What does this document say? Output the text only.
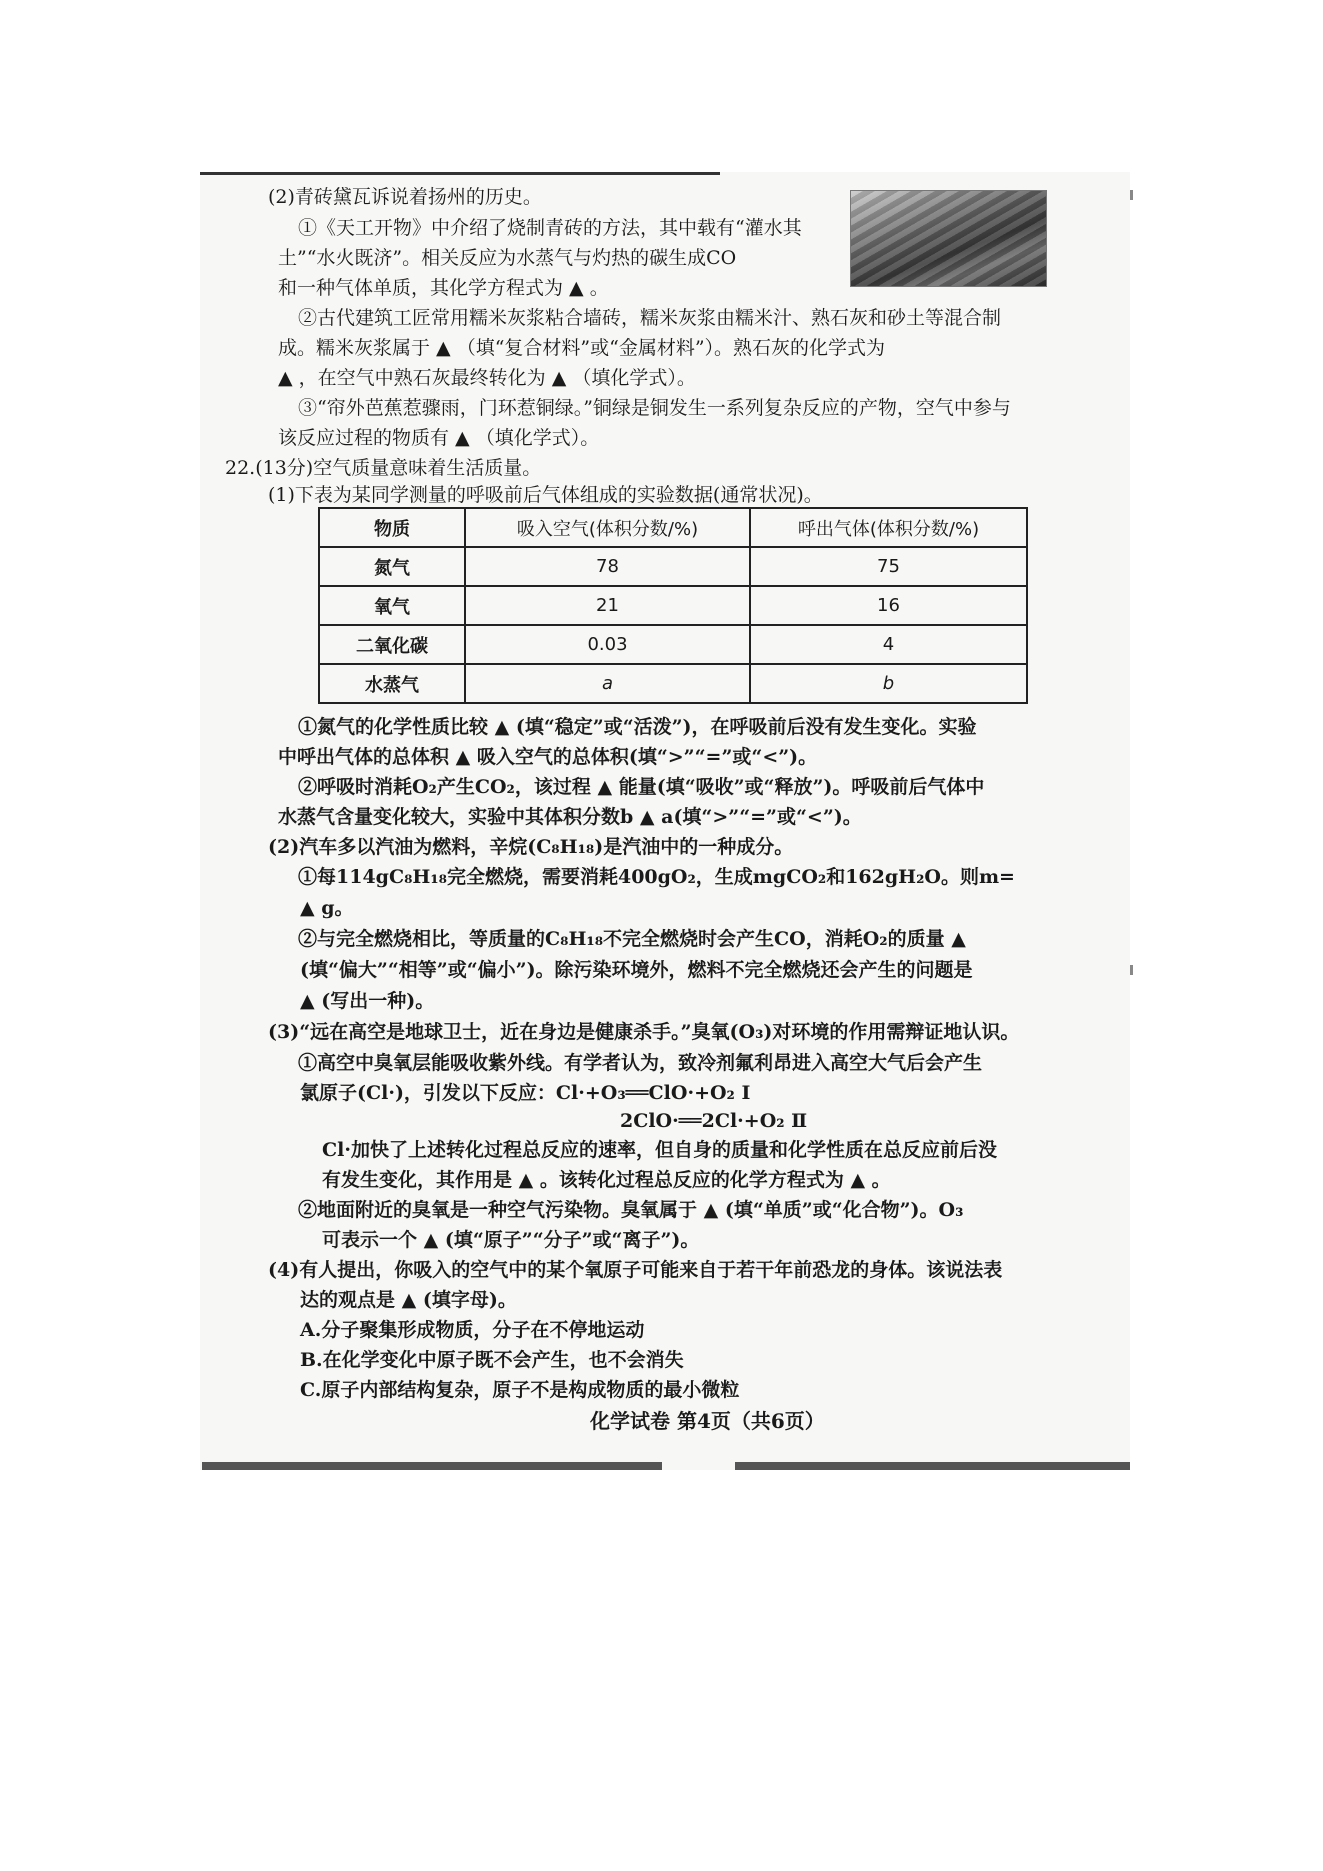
(2)青砖黛瓦诉说着扬州的历史。
①《天工开物》中介绍了烧制青砖的方法，其中载有“灌水其
土”“水火既济”。相关反应为水蒸气与灼热的碳生成CO
和一种气体单质，其化学方程式为 ▲ 。
②古代建筑工匠常用糯米灰浆粘合墙砖，糯米灰浆由糯米汁、熟石灰和砂土等混合制
成。糯米灰浆属于 ▲ （填“复合材料”或“金属材料”）。熟石灰的化学式为
▲ ，在空气中熟石灰最终转化为 ▲ （填化学式）。
③“帘外芭蕉惹骤雨，门环惹铜绿。”铜绿是铜发生一系列复杂反应的产物，空气中参与
该反应过程的物质有 ▲ （填化学式）。
22.(13分)空气质量意味着生活质量。
(1)下表为某同学测量的呼吸前后气体组成的实验数据(通常状况)。
物质	吸入空气(体积分数/%)	呼出气体(体积分数/%)
氮气	78	75
氧气	21	16
二氧化碳	0.03	4
水蒸气	a	b
①氮气的化学性质比较 ▲ (填“稳定”或“活泼”)，在呼吸前后没有发生变化。实验
中呼出气体的总体积 ▲ 吸入空气的总体积(填“>”“=”或“<”)。
②呼吸时消耗O₂产生CO₂，该过程 ▲ 能量(填“吸收”或“释放”)。呼吸前后气体中
水蒸气含量变化较大，实验中其体积分数b ▲ a(填“>”“=”或“<”)。
(2)汽车多以汽油为燃料，辛烷(C₈H₁₈)是汽油中的一种成分。
①每114gC₈H₁₈完全燃烧，需要消耗400gO₂，生成mgCO₂和162gH₂O。则m=
▲ g。
②与完全燃烧相比，等质量的C₈H₁₈不完全燃烧时会产生CO，消耗O₂的质量 ▲
(填“偏大”“相等”或“偏小”)。除污染环境外，燃料不完全燃烧还会产生的问题是
▲ (写出一种)。
(3)“远在高空是地球卫士，近在身边是健康杀手。”臭氧(O₃)对环境的作用需辩证地认识。
①高空中臭氧层能吸收紫外线。有学者认为，致冷剂氟利昂进入高空大气后会产生
氯原子(Cl·)，引发以下反应：Cl·+O₃══ClO·+O₂ Ⅰ
2ClO·══2Cl·+O₂ Ⅱ
Cl·加快了上述转化过程总反应的速率，但自身的质量和化学性质在总反应前后没
有发生变化，其作用是 ▲ 。该转化过程总反应的化学方程式为 ▲ 。
②地面附近的臭氧是一种空气污染物。臭氧属于 ▲ (填“单质”或“化合物”)。O₃
可表示一个 ▲ (填“原子”“分子”或“离子”)。
(4)有人提出，你吸入的空气中的某个氧原子可能来自于若干年前恐龙的身体。该说法表
达的观点是 ▲ (填字母)。
A.分子聚集形成物质，分子在不停地运动
B.在化学变化中原子既不会产生，也不会消失
C.原子内部结构复杂，原子不是构成物质的最小微粒
化学试卷 第4页（共6页）
